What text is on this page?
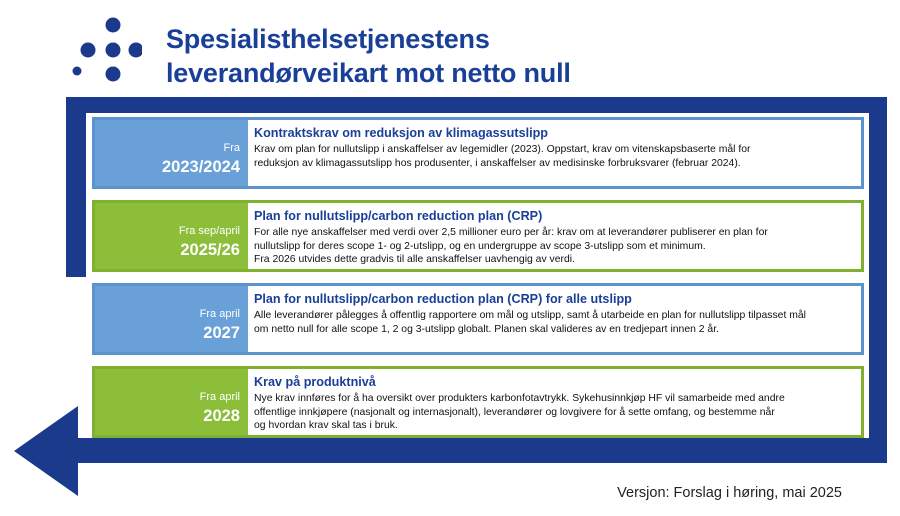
Spesialisthelsetjenestens
leverandørveikart mot netto null
Fra
2023/2024
Kontraktskrav om reduksjon av klimagassutslipp
Krav om plan for nullutslipp i anskaffelser av legemidler (2023). Oppstart, krav om vitenskapsbaserte mål for
reduksjon av klimagassutslipp hos produsenter, i anskaffelser av medisinske forbruksvarer (februar 2024).
Fra sep/april
2025/26
Plan for nullutslipp/carbon reduction plan (CRP)
For alle nye anskaffelser med verdi over 2,5 millioner euro per år: krav om at leverandører publiserer en plan for
nullutslipp for deres scope 1- og 2-utslipp, og en undergruppe av scope 3-utslipp som et minimum.
Fra 2026 utvides dette gradvis til alle anskaffelser uavhengig av verdi.
Fra april
2027
Plan for nullutslipp/carbon reduction plan (CRP) for alle utslipp
Alle leverandører pålegges å offentlig rapportere om mål og utslipp, samt å utarbeide en plan for nullutslipp tilpasset mål
om netto null for alle scope 1, 2 og 3-utslipp globalt. Planen skal valideres av en tredjepart innen 2 år.
Fra april
2028
Krav på produktnivå
Nye krav innføres for å ha oversikt over produkters karbonfotavtrykk. Sykehusinnkjøp HF vil samarbeide med andre
offentlige innkjøpere (nasjonalt og internasjonalt), leverandører og lovgivere for å sette omfang, og bestemme når
og hvordan krav skal tas i bruk.
Versjon: Forslag i høring, mai 2025
